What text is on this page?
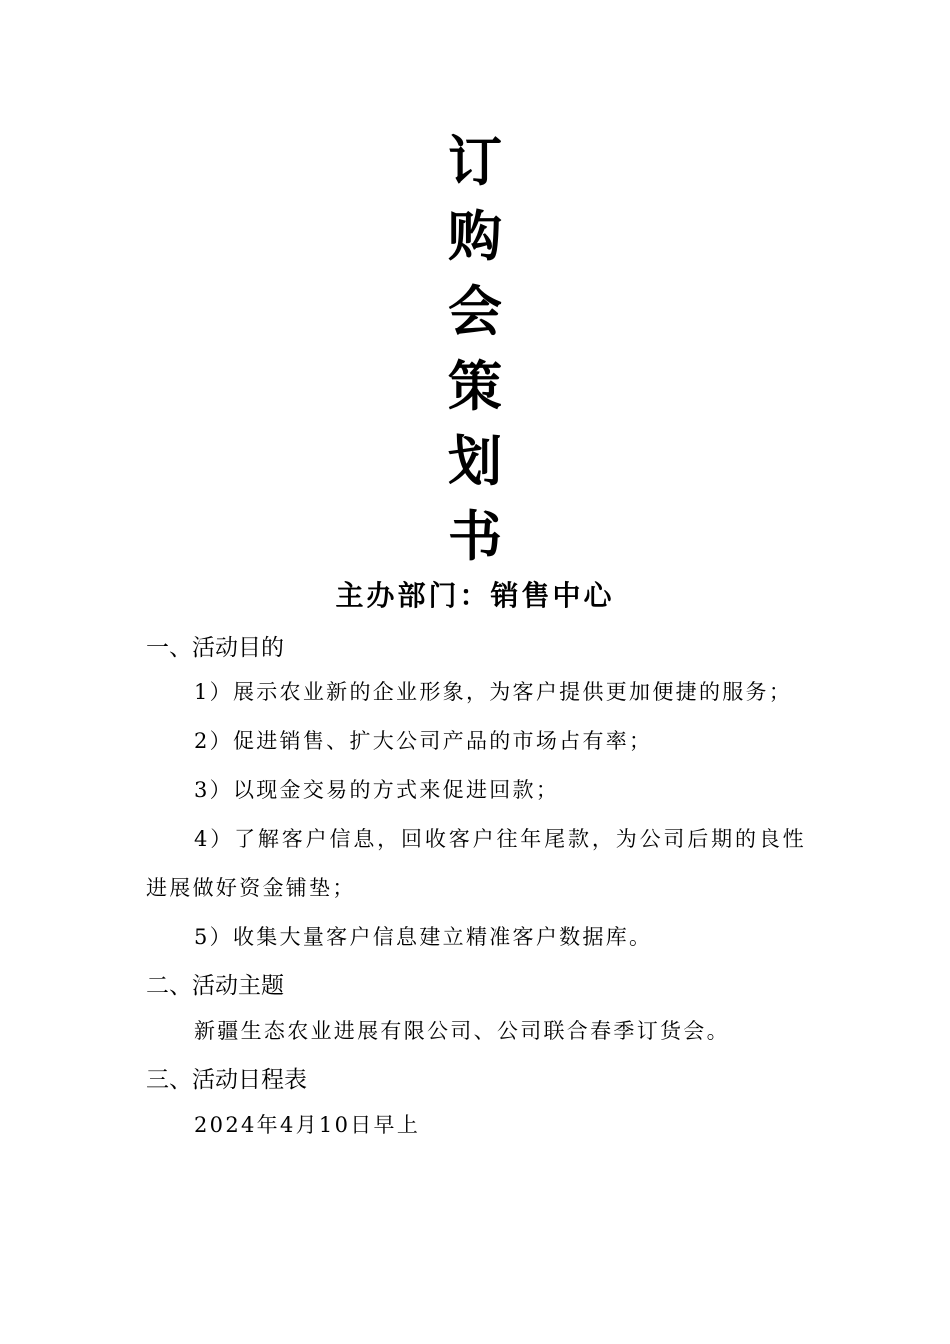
订
购
会
策
划
书
主办部门：销售中心

一、活动目的

1）展示农业新的企业形象，为客户提供更加便捷的服务；

2）促进销售、扩大公司产品的市场占有率；

3）以现金交易的方式来促进回款；

4）了解客户信息，回收客户往年尾款，为公司后期的良性进展做好资金铺垫；

5）收集大量客户信息建立精准客户数据库。

二、活动主题

新疆生态农业进展有限公司、公司联合春季订货会。

三、活动日程表

2024年4月10日早上
